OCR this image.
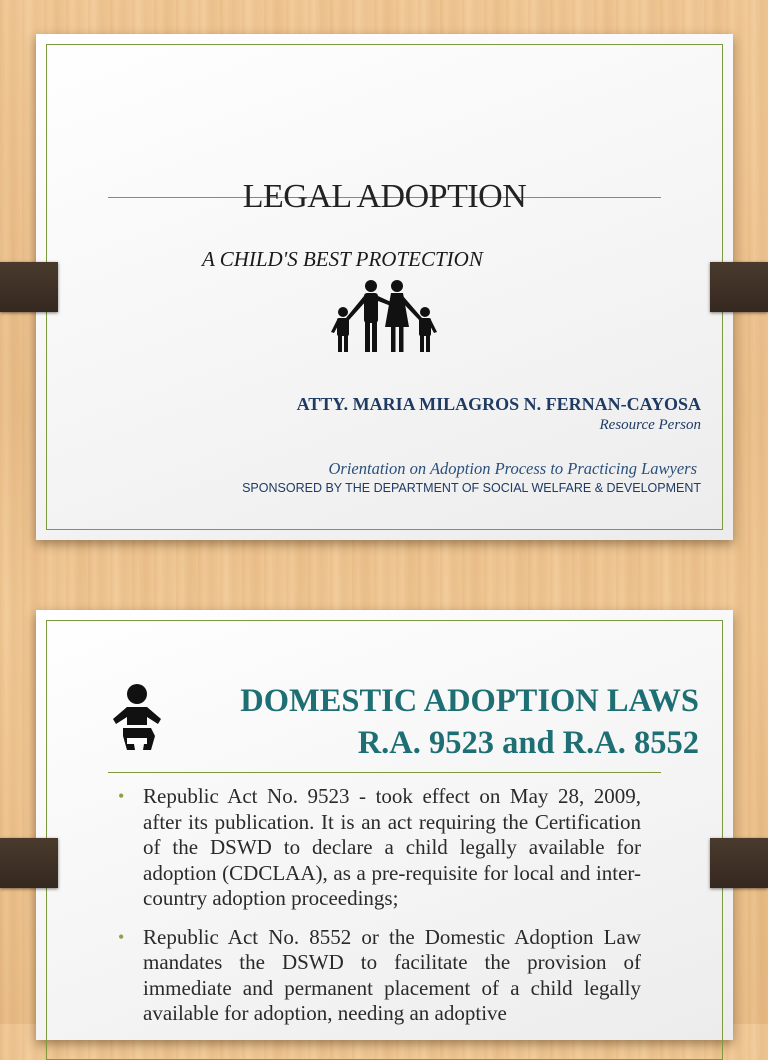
LEGAL ADOPTION

A CHILD'S BEST PROTECTION

ATTY. MARIA MILAGROS N. FERNAN-CAYOSA

Resource Person
Orientation on Adoption Process to Practicing Lawyers
SPONSORED BY THE DEPARTMENT OF SOCIAL WELFARE & DEVELOPMENT
DOMESTIC ADOPTION LAWS
R.A. 9523 and R.A. 8552
• Republic Act No. 9523 - took effect on May 28, 2009, after its publication. It is an act requiring the Certification of the DSWD to declare a child legally available for adoption (CDCLAA), as a pre-requisite for local and inter-country adoption proceedings;
• Republic Act No. 8552 or the Domestic Adoption Law mandates the DSWD to facilitate the provision of immediate and permanent placement of a child legally available for adoption, needing an adoptive
